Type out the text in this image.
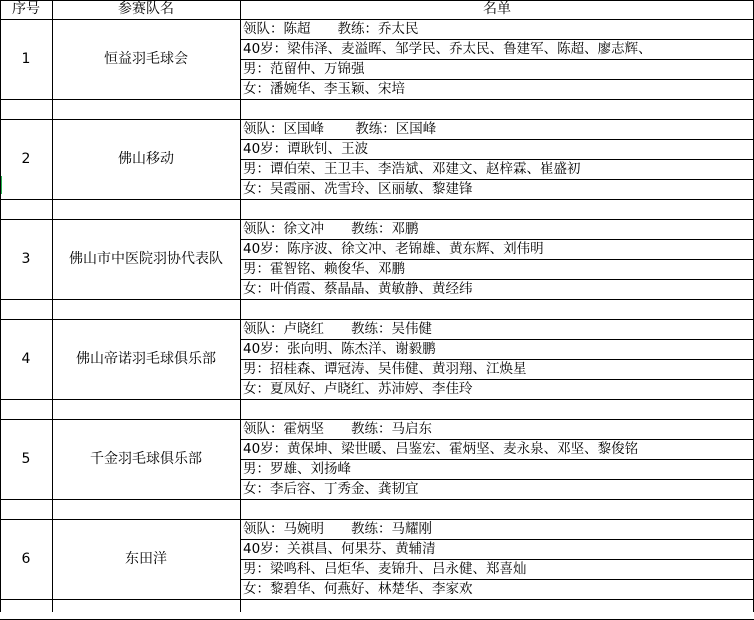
序号	参赛队名	名单
1	恒益羽毛球会
领队：陈超　　教练：乔太民
40岁：梁伟泽、麦溢晖、邹学民、乔太民、鲁建军、陈超、廖志辉、
男：范留仲、万锦强
女：潘婉华、李玉颖、宋培
2	佛山移动
领队：区国峰　　 教练：区国峰
40岁：谭耿钊、王波
男：谭伯荣、王卫丰、李浩斌、邓建文、赵梓霖、崔盛初
女：吴霞丽、冼雪玲、区丽敏、黎建锋
3	佛山市中医院羽协代表队
领队：徐文冲　　教练：邓鹏
40岁：陈序波、徐文冲、老锦雄、黄东辉、刘伟明
男：霍智铭、赖俊华、邓鹏
女：叶俏霞、蔡晶晶、黄敏静、黄经纬
4	佛山帝诺羽毛球俱乐部
领队：卢晓红　　教练：吴伟健
40岁：张向明、陈杰洋、谢毅鹏
男：招桂森、谭冠涛、吴伟健、黄羽翔、江焕星
女：夏凤好、卢晓红、苏沛婷、李佳玲
5	千金羽毛球俱乐部
领队：霍炳坚　　教练：马启东
40岁：黄保坤、梁世暖、吕鉴宏、霍炳坚、麦永泉、邓坚、黎俊铭
男：罗雄、刘扬峰
女：李后容、丁秀金、龚韧宜
6	东田洋
领队：马婉明　　教练：马耀刚
40岁：关祺昌、何果芬、黄辅清
男：梁鸣科、吕炬华、麦锦升、吕永健、郑喜灿
女：黎碧华、何燕好、林楚华、李家欢
